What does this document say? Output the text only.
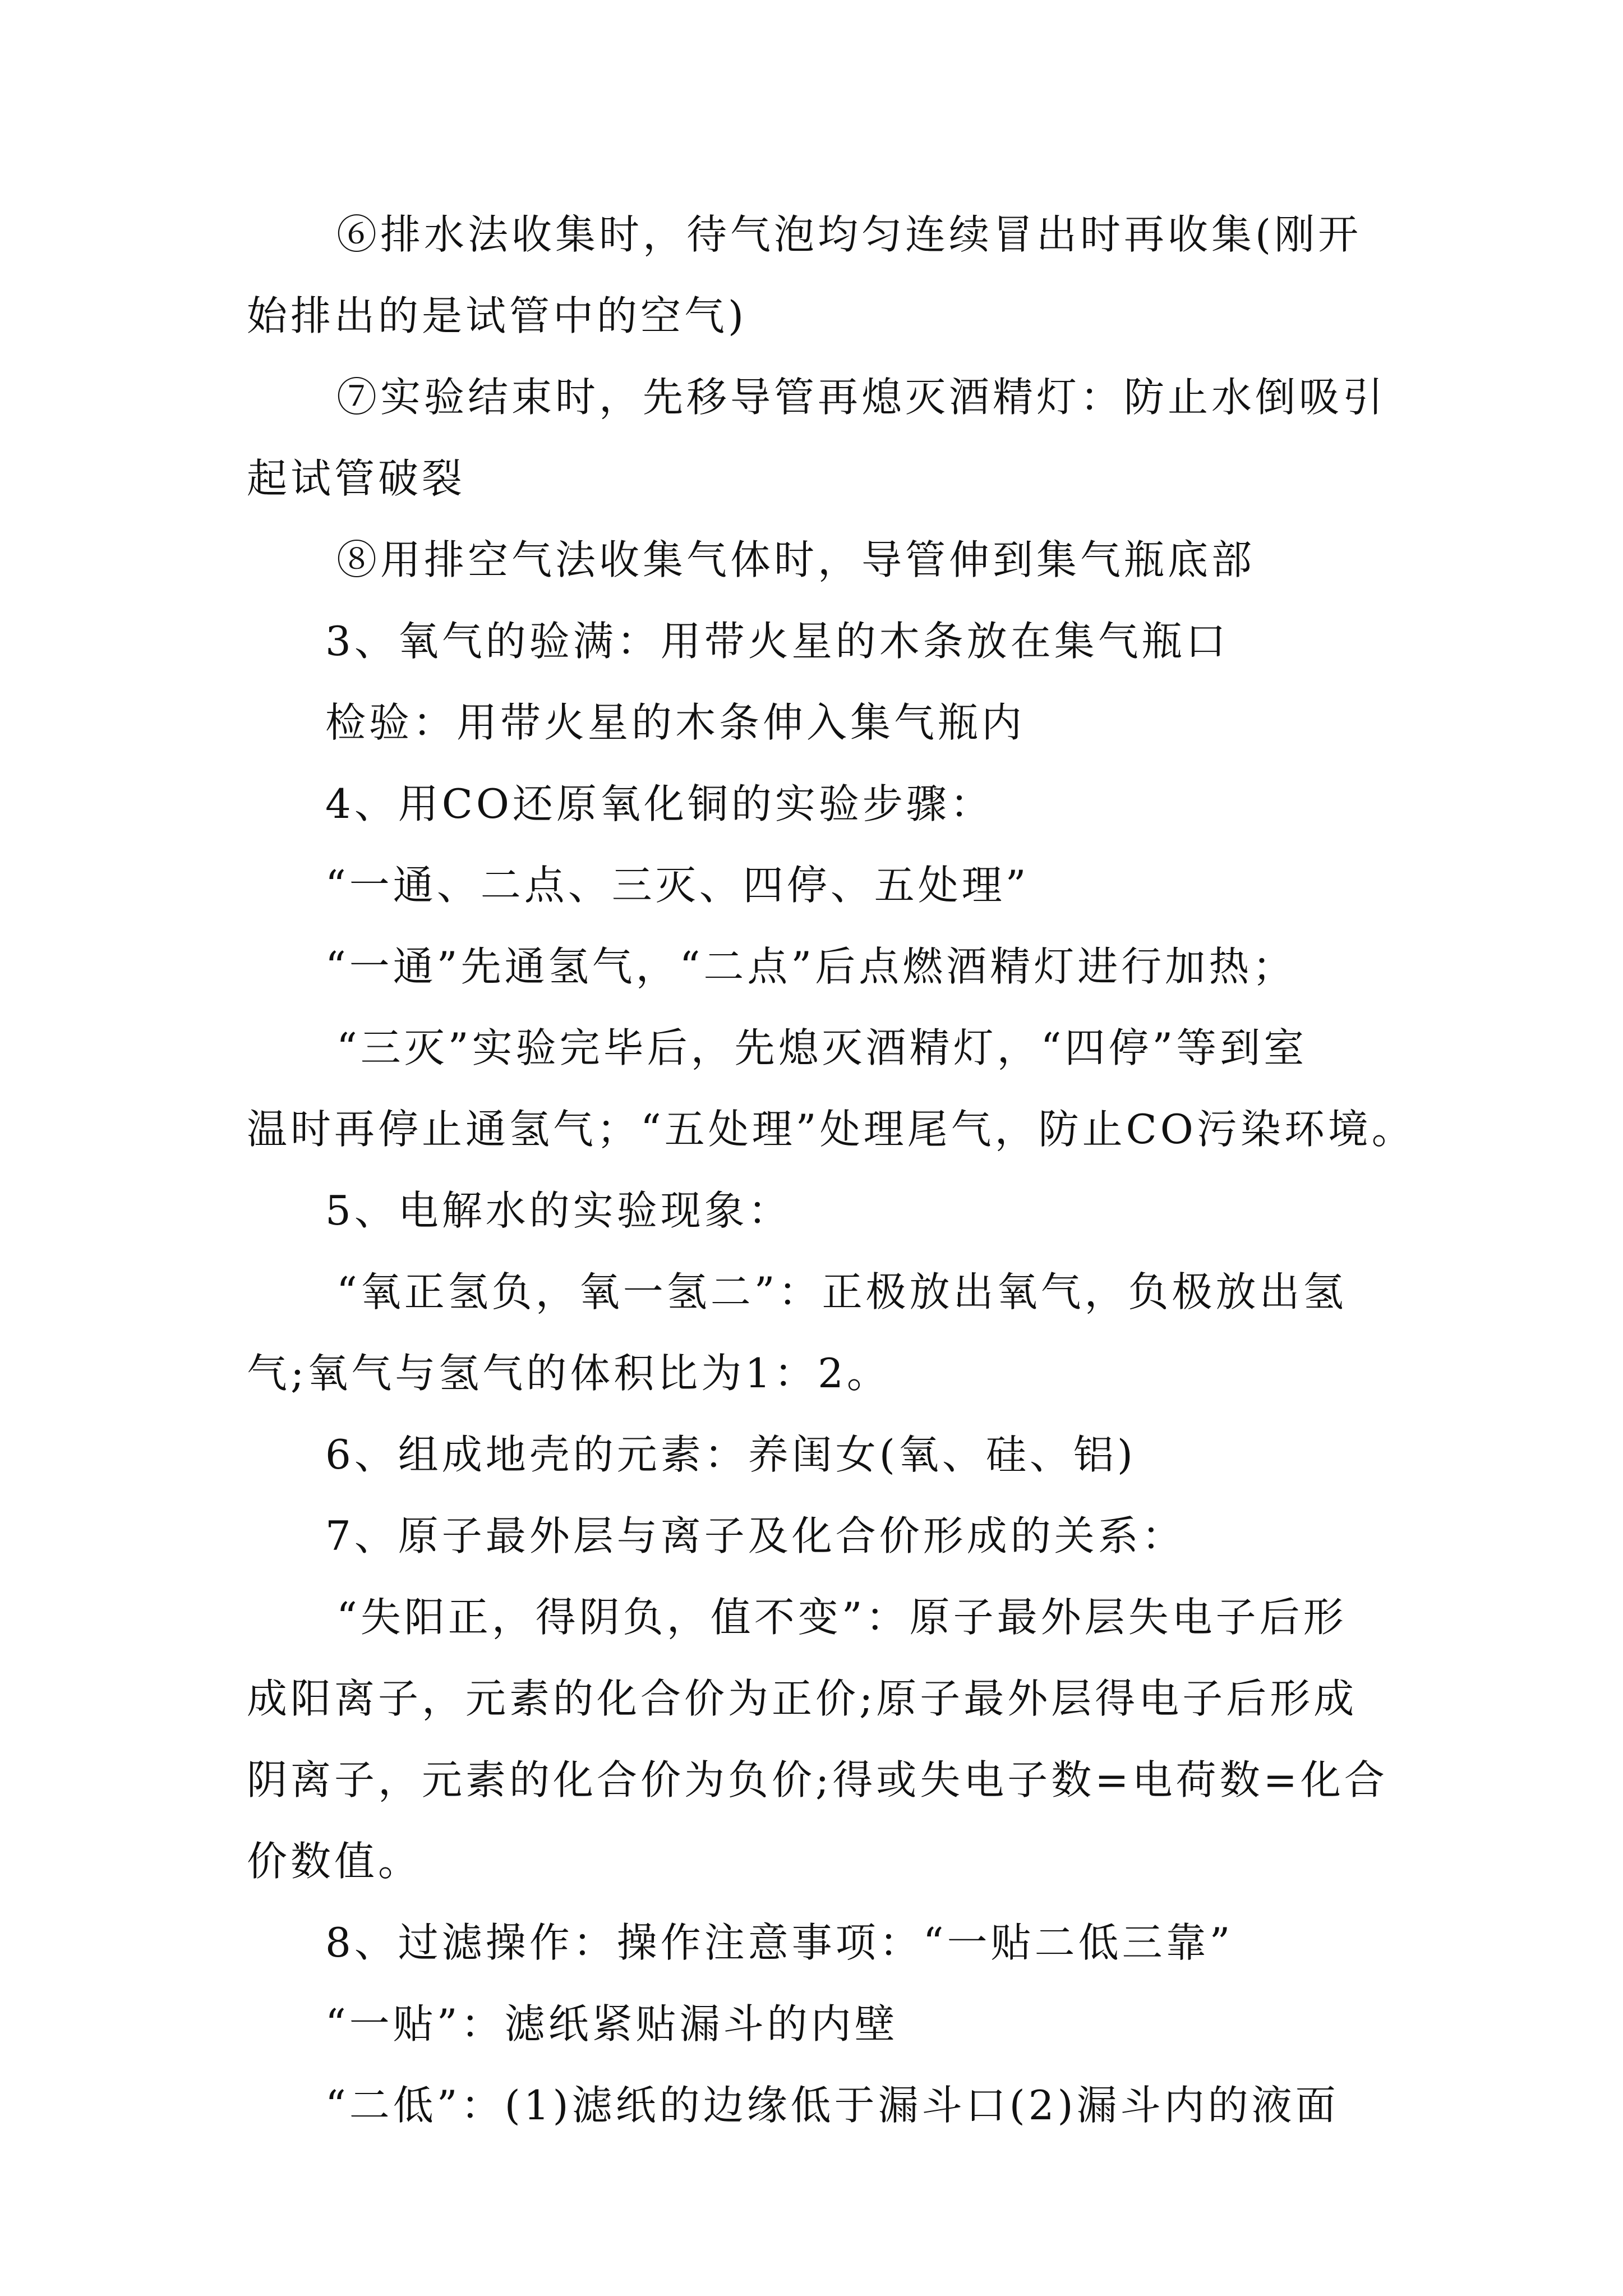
⑥排水法收集时，待气泡均匀连续冒出时再收集(刚开
始排出的是试管中的空气)
⑦实验结束时，先移导管再熄灭酒精灯：防止水倒吸引
起试管破裂
⑧用排空气法收集气体时，导管伸到集气瓶底部
3、氧气的验满：用带火星的木条放在集气瓶口
检验：用带火星的木条伸入集气瓶内
4、用CO还原氧化铜的实验步骤：
“一通、二点、三灭、四停、五处理”
“一通”先通氢气，“二点”后点燃酒精灯进行加热；
“三灭”实验完毕后，先熄灭酒精灯，“四停”等到室
温时再停止通氢气；“五处理”处理尾气，防止CO污染环境。
5、电解水的实验现象：
“氧正氢负，氧一氢二”：正极放出氧气，负极放出氢
气;氧气与氢气的体积比为1：2。
6、组成地壳的元素：养闺女(氧、硅、铝)
7、原子最外层与离子及化合价形成的关系：
“失阳正，得阴负，值不变”：原子最外层失电子后形
成阳离子，元素的化合价为正价;原子最外层得电子后形成
阴离子，元素的化合价为负价;得或失电子数=电荷数=化合
价数值。
8、过滤操作：操作注意事项：“一贴二低三靠”
“一贴”：滤纸紧贴漏斗的内壁
“二低”：(1)滤纸的边缘低于漏斗口(2)漏斗内的液面
